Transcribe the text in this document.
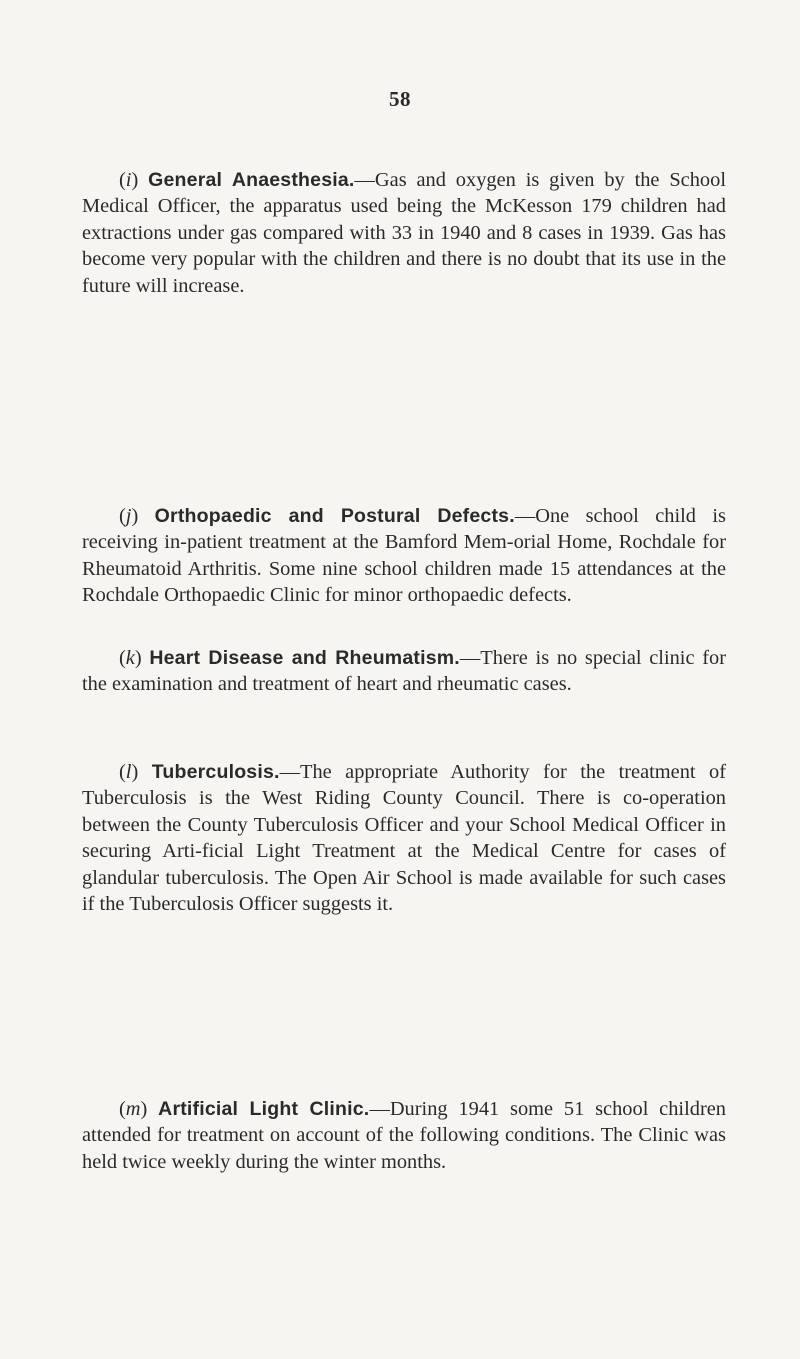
58

(i) General Anaesthesia.—Gas and oxygen is given by the School Medical Officer, the apparatus used being the McKesson 179 children had extractions under gas compared with 33 in 1940 and 8 cases in 1939. Gas has become very popular with the children and there is no doubt that its use in the future will increase.

(j) Orthopaedic and Postural Defects.—One school child is receiving in-patient treatment at the Bamford Mem-orial Home, Rochdale for Rheumatoid Arthritis. Some nine school children made 15 attendances at the Rochdale Orthopaedic Clinic for minor orthopaedic defects.

(k) Heart Disease and Rheumatism.—There is no special clinic for the examination and treatment of heart and rheumatic cases.

(l) Tuberculosis.—The appropriate Authority for the treatment of Tuberculosis is the West Riding County Council. There is co-operation between the County Tuberculosis Officer and your School Medical Officer in securing Arti-ficial Light Treatment at the Medical Centre for cases of glandular tuberculosis. The Open Air School is made available for such cases if the Tuberculosis Officer suggests it.

(m) Artificial Light Clinic.—During 1941 some 51 school children attended for treatment on account of the following conditions. The Clinic was held twice weekly during the winter months.
